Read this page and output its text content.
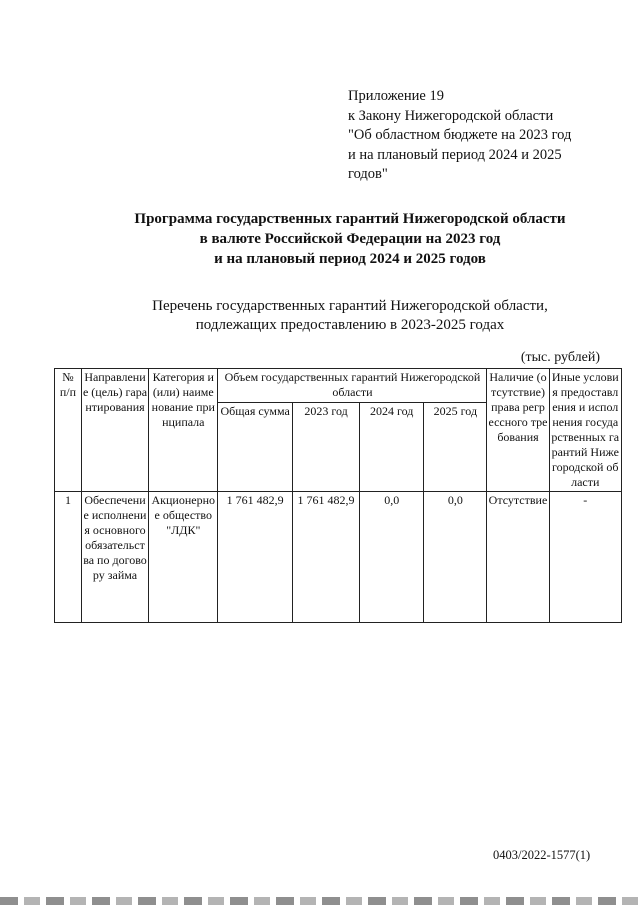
Приложение 19
к Закону Нижегородской области
"Об областном бюджете на 2023 год
и на плановый период 2024 и 2025
годов"
Программа государственных гарантий Нижегородской области
в валюте Российской Федерации на 2023 год
и на плановый период 2024 и 2025 годов
Перечень государственных гарантий Нижегородской области,
подлежащих предоставлению в 2023-2025 годах
(тыс. рублей)
№ п/п	Направление (цель) гарантирования	Категория и (или) наименование принципала	Объем государственных гарантий Нижегородской области				Наличие (отсутствие) права регрессного требования	Иные условия предоставления и исполнения государственных гарантий Нижегородской области
			Общая сумма	2023 год	2024 год	2025 год		
1	Обеспечение исполнения основного обязательства по договору займа	Акционерное общество "ЛДК"	1 761 482,9	1 761 482,9	0,0	0,0	Отсутствие	-
0403/2022-1577(1)
